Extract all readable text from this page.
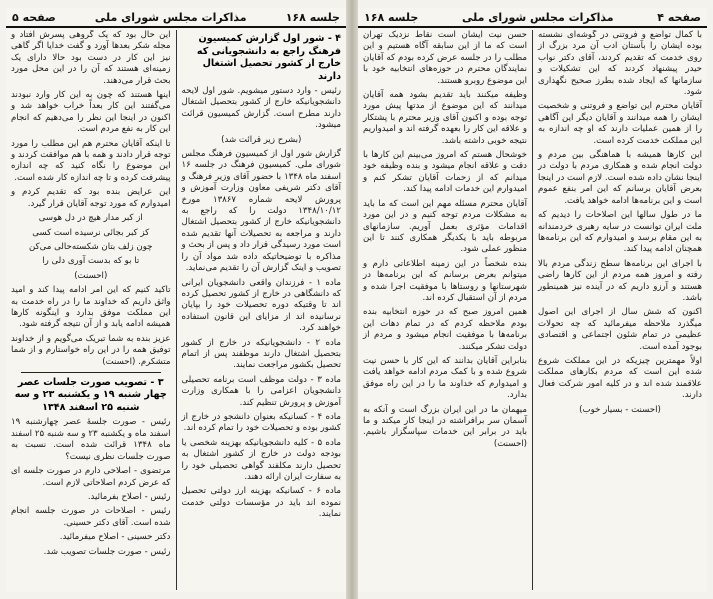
جلسه ۱۶۸
مذاکرات مجلس شورای ملی
صفحه ۵
۴ - شور اول گزارش کمیسیون فرهنگ راجع به دانشجویانی که خارج از کشور تحصیل اشتغال دارند

رئیس - وارد دستور میشویم. شور اول لایحه دانشجویانیکه خارج از کشور بتحصیل اشتغال دارند مطرح است. گزارش کمیسیون قرائت میشود.

(بشرح زیر قرائت شد)

گزارش شور اول از کمیسیون فرهنگ مجلس شورای ملی. کمیسیون فرهنگ در جلسه ۱۶ اسفند ماه ۱۳۴۸ با حضور آقای وزیر فرهنگ و آقای دکتر شریفی معاون وزارت آموزش و پرورش لایحه شماره ۱۳۸۶۷ مورخ ۱۳۴۸/۱۰/۱۲ دولت را که راجع به دانشجویانیکه خارج از کشور بتحصیل اشتغال دارند و مراجعه به تحصیلات آنها تقدیم شده است مورد رسیدگی قرار داد و پس از بحث و مذاکره با توضیحاتیکه داده شد مواد آن را تصویب و اینک گزارش آن را تقدیم می‌نماید.

ماده ۱ - فرزندان واقعی دانشجویان ایرانی که دانشگاهی در خارج از کشور تحصیل کرده اند تا وقتیکه دوره تحصیلات خود را بپایان نرسانیده اند از مزایای این قانون استفاده خواهند کرد.

ماده ۲ - دانشجویانیکه در خارج از کشور بتحصیل اشتغال دارند موظفند پس از اتمام تحصیل بکشور مراجعت نمایند.

ماده ۳ - دولت موظف است برنامه تحصیلی دانشجویان اعزامی را با همکاری وزارت آموزش و پرورش تنظیم کند.

ماده ۴ - کسانیکه بعنوان دانشجو در خارج از کشور بوده و تحصیلات خود را تمام کرده اند.

ماده ۵ - کلیه دانشجویانیکه بهزینه شخصی یا بودجه دولت در خارج از کشور اشتغال به تحصیل دارند مکلفند گواهی تحصیلی خود را به سفارت ایران ارائه دهند.

ماده ۶ - کسانیکه بهزینه ارز دولتی تحصیل نموده اند باید در مؤسسات دولتی خدمت نمایند.

این حال بود که یک گروهی پسرش افتاد و مجله شکر بعدها آورد و گفت خدایا اگر گاهی نیز این کار در دست بود حالا دارای یک زمینه‌ای هستند که آن را در این محل مورد بحث قرار می‌دهند.

اینها هستند که چون به این کار وارد نبودند می‌گفتند این کار بعداً خراب خواهد شد و اکنون در اینجا این نظر را می‌دهیم که انجام این کار به نفع مردم است.

تا اینکه آقایان محترم هم این مطلب را مورد توجه قرار دادند و همه با هم موافقت کردند و این موضوع را نگاه کنید که چه اندازه پیشرفت کرده و تا چه اندازه کار شده است.

این عرایض بنده بود که تقدیم کردم و امیدوارم که مورد توجه آقایان قرار گیرد.

از کبر مدار هیچ در دل هوسی

کز کبر بجائی نرسیده است کسی

چون زلف بتان شکسته‌حالی می‌کن

تا بو که بدست آوری دلی را

(احسنت)

تاکید کنیم که این امر ادامه پیدا کند و امید واثق داریم که خداوند ما را در راه خدمت به این مملکت موفق بدارد و اینگونه کارها همیشه ادامه یابد و از آن نتیجه گرفته شود.

عزیز بنده به شما تبریک می‌گویم و از خداوند توفیق همه را در این راه خواستارم و از شما متشکرم. (احسنت)

۳ - تصویب صورت جلسات عصر چهار شنبه ۱۹ و یکشنبه ۲۳ و سه شنبه ۲۵ اسفند ۱۳۴۸

رئیس - صورت جلسهٔ عصر چهارشنبه ۱۹ اسفند ماه و یکشنبه ۲۳ و سه شنبه ۲۵ اسفند ماه ۱۳۴۸ قرائت شده است. نسبت به صورت جلسات نظری نیست؟

مرتضوی - اصلاحی دارم در صورت جلسه ای که عرض کردم اصلاحاتی لازم است.

رئیس - اصلاح بفرمائید.

رئیس - اصلاحات در صورت جلسه انجام شده است. آقای دکتر حسینی.

دکتر حسینی - اصلاح میفرمائید.

رئیس - صورت جلسات تصویب شد.

صفحه ۴
مذاکرات مجلس شورای ملی
جلسه ۱۶۸

با کمال تواضع و فروتنی در گوشه‌ای نشسته بوده ایشان را بآستان ادب آن مرد بزرگ از روی خدمت که تقدیم کردند، آقای دکتر نواب حیدر پیشنهاد کردند که این تشکیلات و سازمانها که ایجاد شده بطرز صحیح نگهداری شود.

آقایان محترم این تواضع و فروتنی و شخصیت ایشان را همه میدانند و آقایان دیگر این آگاهی را از همین عملیات دارند که او چه اندازه به این مملکت خدمت کرده است.

این کارها همیشه با هماهنگی بین مردم و دولت انجام شده و همکاری مردم با دولت در اینجا نشان داده شده است. لازم است در اینجا بعرض آقایان برسانم که این امر بنفع عموم است و این برنامه‌ها ادامه خواهد یافت.

ما در طول سالها این اصلاحات را دیدیم که ملت ایران توانست در سایه رهبری خردمندانه به این مقام برسد و امیدوارم که این برنامه‌ها همچنان ادامه پیدا کند.

با اجرای این برنامه‌ها سطح زندگی مردم بالا رفته و امروز همه مردم از این کارها راضی هستند و آرزو داریم که در آینده نیز همینطور باشد.

اکنون که شش سال از اجرای این اصول میگذرد ملاحظه میفرمائید که چه تحولات عظیمی در تمام شئون اجتماعی و اقتصادی بوجود آمده است.

اولاً مهمترین چیزیکه در این مملکت شروع شده این است که مردم بکارهای مملکت علاقمند شده اند و در کلیه امور شرکت فعال دارند.

(احسنت - بسیار خوب)

حسن نیت ایشان است نقاط نزدیک تهران است که ما از این سابقه آگاه هستیم و این مطلب را در جلسه عرض کرده بودم که آقایان نمایندگان محترم در حوزه‌های انتخابیه خود با این موضوع روبرو هستند.

وظیفه میکنند باید تقدیم بشود همه آقایان میدانند که این موضوع از مدتها پیش مورد توجه بوده و اکنون آقای وزیر محترم با پشتکار و علاقه این کار را بعهده گرفته اند و امیدواریم نتیجه خوبی داشته باشد.

خوشحال هستم که امروز می‌بینم این کارها با دقت و علاقه انجام میشود و بنده وظیفه خود میدانم که از زحمات آقایان تشکر کنم و امیدوارم این خدمات ادامه پیدا کند.

آقایان محترم مسئله مهم این است که ما باید به مشکلات مردم توجه کنیم و در این مورد اقدامات مؤثری بعمل آوریم. سازمانهای مربوطه باید با یکدیگر همکاری کنند تا این منظور عملی شود.

بنده شخصاً در این زمینه اطلاعاتی دارم و میتوانم بعرض برسانم که این برنامه‌ها در شهرستانها و روستاها با موفقیت اجرا شده و مردم از آن استقبال کرده اند.

همین امروز صبح که در حوزه انتخابیه بنده بودم ملاحظه کردم که در تمام دهات این برنامه‌ها با موفقیت انجام میشود و مردم از دولت تشکر میکنند.

بنابراین آقایان بدانند که این کار با حسن نیت شروع شده و با کمک مردم ادامه خواهد یافت و امیدوارم که خداوند ما را در این راه موفق بدارد.

میهمان ما در این ایران بزرگ است و آنکه به آسمان سر برافراشته در اینجا کار میکند و ما باید در برابر این خدمات سپاسگزار باشیم. (احسنت)
